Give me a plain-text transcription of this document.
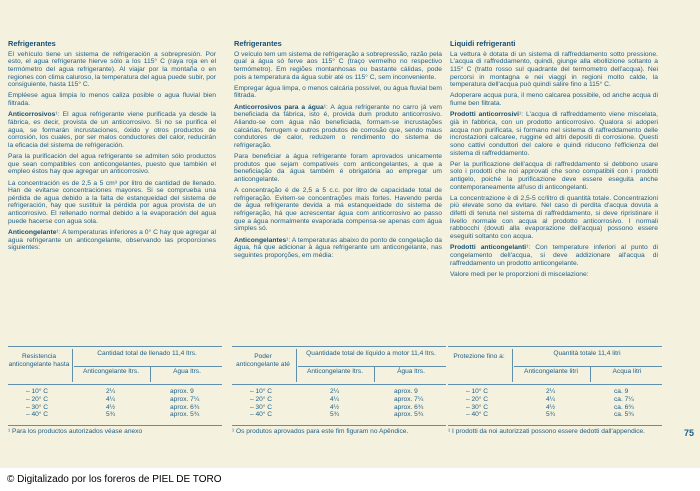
Refrigerantes

El vehículo tiene un sistema de refrigeración a sobrepresión. Por esto, el agua refrigerante hierve sólo a los 115° C (raya roja en el termómetro del agua refrigerante). Al viajar por la montaña o en regiones con clima caluroso, la temperatura del agua puede subir, por consiguiente, hasta 115° C.

Empléese agua limpia lo menos caliza posible o agua fluvial bien filtrada.

Anticorrosivos¹: El agua refrigerante viene purificada ya desde la fábrica, es decir, provista de un anticorrosivo. Si no se purifica el agua, se formarán incrustaciones, óxido y otros productos de corrosión, los cuales, por ser malos conductores del calor, reducirán la eficacia del sistema de refrigeración.

Para la purificación del agua refrigerante se admiten sólo productos que sean compatibles con anticongelantes, puesto que también el empleo éstos hay que agregar un anticorrosivo.

La concentración es de 2,5 a 5 cm³ por litro de cantidad de llenado. Han de evitarse concentraciones mayores. Si se comprueba una pérdida de agua debido a la falta de estanqueidad del sistema de refrigeración, hay que sustituir la pérdida por agua provista de un anticorrosivo. El rellenado normal debido a la evaporación del agua puede hacerse con agua sola.

Anticongelante¹: A temperaturas inferiores a 0° C hay que agregar al agua refrigerante un anticongelante, observando las proporciones siguientes:

Refrigerantes

O veículo tem um sistema de refrigeração a sobrepressão, razão pela qual a água só ferve aos 115° C (traço vermelho no respectivo termómetro). Em regiões montanhosas ou bastante cálidas, pode pois a temperatura da água subir até os 115° C, sem inconveniente.

Empregar água limpa, o menos calcária possível, ou água fluvial bem filtrada.

Anticorrosivos para a água¹: A água refrigerante no carro já vem beneficiada da fábrica, isto é, provida dum produto anticorrosivo. Aliando-se com água não beneficiada, formam-se incrustações calcárias, ferrugem e outros produtos de corrosão que, sendo maus condutores de calor, reduzem o rendimento do sistema de refrigeração.

Para beneficiar a água refrigerante foram aprovados unicamente produtos que sejam compatíveis com anticongelantes, a que a beneficiação da água também é obrigatória ao empregar um anticongelante.

A concentração é de 2,5 a 5 c.c. por litro de capacidade total de refrigeração. Evitem-se concentrações mais fortes. Havendo perda de água refrigerante devida a má estanqueidade do sistema de refrigeração, há que acrescentar água com anticorrosivo ao passo que a água normalmente evaporada compensa-se apenas com água simples só.

Anticongelantes¹: A temperaturas abaixo do ponto de congelação da água, há que adicionar à água refrigerante um anticongelante, nas seguintes proporções, em média:

Liquidi refrigeranti

La vettura è dotata di un sistema di raffreddamento sotto pressione. L'acqua di raffreddamento, quindi, giunge alla ebollizione soltanto a 115° C (tratto rosso sul quadrante del termometro dell'acqua). Nei percorsi in montagna e nei viaggi in regioni molto calde, la temperatura dell'acqua può quindi salire fino a 115° C.

Adoperare acqua pura, il meno calcarea possibile, od anche acqua di fiume ben filtrata.

Prodotti anticorrosivi¹: L'acqua di raffreddamento viene miscelata, già in fabbrica, con un prodotto anticorrosivo. Qualora si adoperi acqua non purificata, si formano nel sistema di raffreddamento delle incrostazioni calcaree, ruggine ed altri depositi di corrosione. Questi sono cattivi conduttori del calore e quindi riducono l'efficienza del sistema di raffreddamento.

Per la purificazione dell'acqua di raffreddamento si debbono usare solo i prodotti che noi approvati che sono compatibili con i prodotti antigelo, poiché la purificazione deve essere eseguita anche contemporaneamente all'uso di anticongelanti.

La concentrazione è di 2,5-5 cc/litro di quantità totale. Concentrazioni più elevate sono da evitare. Nel caso di perdita d'acqua dovuta a difetti di tenuta nel sistema di raffreddamento, si deve ripristinare il livello normale con acqua al prodotto anticorrosivo. I normali rabbocchi (dovuti alla evaporazione dell'acqua) possono essere eseguiti soltanto con acqua.

Prodotti anticongelanti¹: Con temperature inferiori al punto di congelamento dell'acqua, si deve addizionare all'acqua di raffreddamento un prodotto anticongelante.

Valore medi per le proporzioni di miscelazione:

Resistencia anticongelante hasta
Cantidad total de llenado 11,4 ltrs.
Anticongelante ltrs.	Agua ltrs.
– 10° C	2¼	aprox. 9
– 20° C	4¼	aprox. 7¼
– 30° C	4½	aprox. 6¾
– 40° C	5¾	aprox. 5¾
¹ Para los productos autorizados véase anexo
Poder anticongelante até
Quantidade total de líquido a motor 11,4 ltrs.
Anticongelante ltrs.	Água ltrs.
– 10° C	2¼	aprox. 9
– 20° C	4¼	aprox. 7¼
– 30° C	4½	aprox. 6¾
– 40° C	5¾	aprox. 5¾
¹ Os produtos aprovados para este fim figuram no Apêndice.
Protezione fino a:	Quantità totale 11,4 litri
Anticongelante litri	Acqua litri
– 10° C	2¼	ca. 9
– 20° C	4¼	ca. 7¼
– 30° C	4½	ca. 6¾
– 40° C	5¾	ca. 5¾
¹ I prodotti da noi autorizzati possono essere dedotti dall'appendice.	75
© Digitalizado por los foreros de PIEL DE TORO
